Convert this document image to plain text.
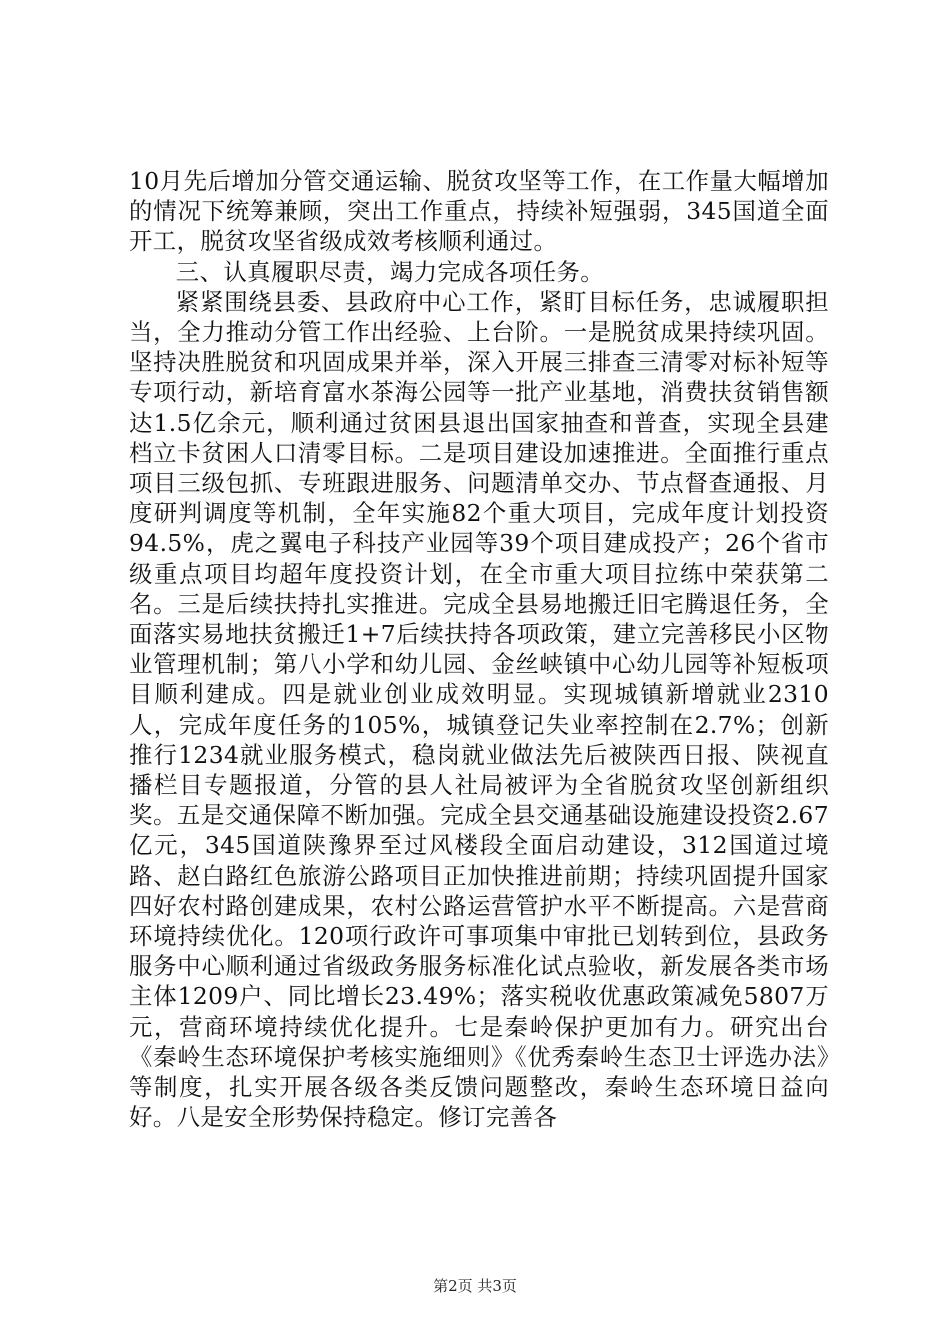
10月先后增加分管交通运输、脱贫攻坚等工作，在工作量大幅增加的情况下统筹兼顾，突出工作重点，持续补短强弱，345国道全面开工，脱贫攻坚省级成效考核顺利通过。

三、认真履职尽责，竭力完成各项任务。

紧紧围绕县委、县政府中心工作，紧盯目标任务，忠诚履职担当，全力推动分管工作出经验、上台阶。一是脱贫成果持续巩固。坚持决胜脱贫和巩固成果并举，深入开展三排查三清零对标补短等专项行动，新培育富水茶海公园等一批产业基地，消费扶贫销售额达1.5亿余元，顺利通过贫困县退出国家抽查和普查，实现全县建档立卡贫困人口清零目标。二是项目建设加速推进。全面推行重点项目三级包抓、专班跟进服务、问题清单交办、节点督查通报、月度研判调度等机制，全年实施82个重大项目，完成年度计划投资94.5%，虎之翼电子科技产业园等39个项目建成投产；26个省市级重点项目均超年度投资计划，在全市重大项目拉练中荣获第二名。三是后续扶持扎实推进。完成全县易地搬迁旧宅腾退任务，全面落实易地扶贫搬迁1+7后续扶持各项政策，建立完善移民小区物业管理机制；第八小学和幼儿园、金丝峡镇中心幼儿园等补短板项目顺利建成。四是就业创业成效明显。实现城镇新增就业2310人，完成年度任务的105%，城镇登记失业率控制在2.7%；创新推行1234就业服务模式，稳岗就业做法先后被陕西日报、陕视直播栏目专题报道，分管的县人社局被评为全省脱贫攻坚创新组织奖。五是交通保障不断加强。完成全县交通基础设施建设投资2.67亿元，345国道陕豫界至过风楼段全面启动建设，312国道过境路、赵白路红色旅游公路项目正加快推进前期；持续巩固提升国家四好农村路创建成果，农村公路运营管护水平不断提高。六是营商环境持续优化。120项行政许可事项集中审批已划转到位，县政务服务中心顺利通过省级政务服务标准化试点验收，新发展各类市场主体1209户、同比增长23.49%；落实税收优惠政策减免5807万元，营商环境持续优化提升。七是秦岭保护更加有力。研究出台《秦岭生态环境保护考核实施细则》《优秀秦岭生态卫士评选办法》等制度，扎实开展各级各类反馈问题整改，秦岭生态环境日益向好。八是安全形势保持稳定。修订完善各

第2页 共3页
